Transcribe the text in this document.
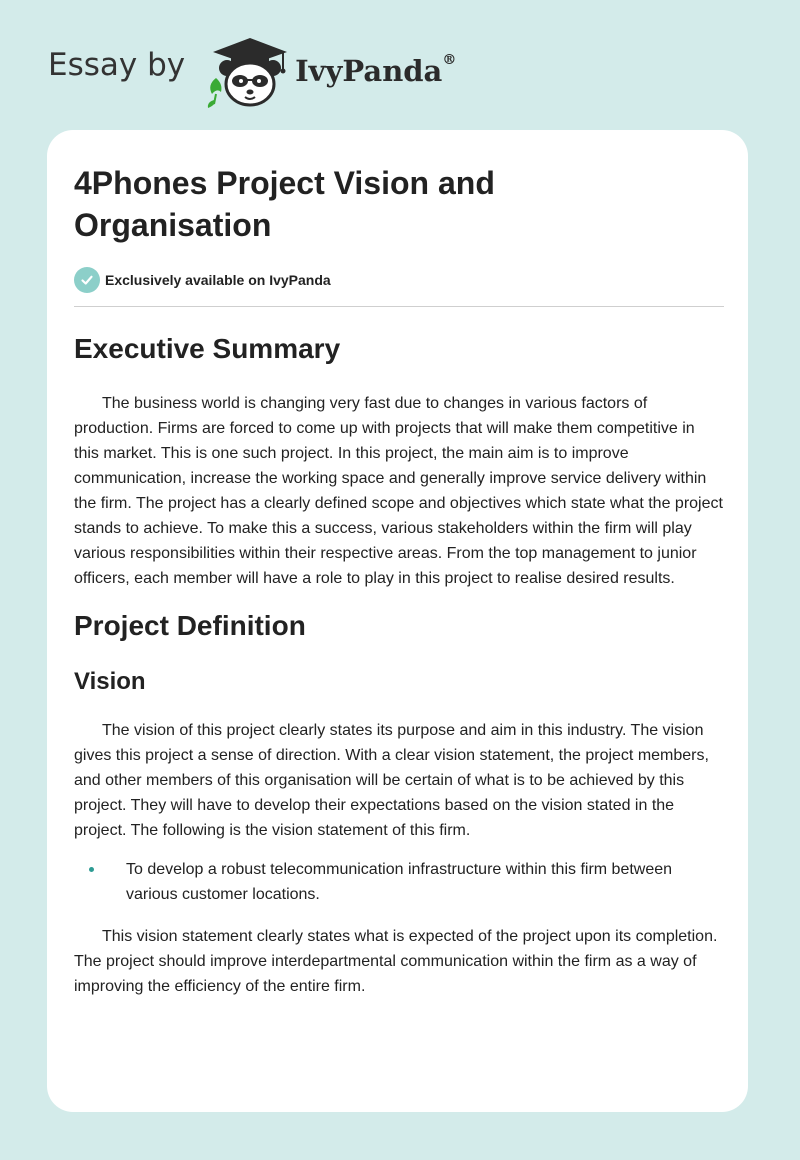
Essay by	IvyPanda®
4Phones Project Vision and Organisation
Exclusively available on IvyPanda
Executive Summary

The business world is changing very fast due to changes in various factors of production. Firms are forced to come up with projects that will make them competitive in this market. This is one such project. In this project, the main aim is to improve communication, increase the working space and generally improve service delivery within the firm. The project has a clearly defined scope and objectives which state what the project stands to achieve. To make this a success, various stakeholders within the firm will play various responsibilities within their respective areas. From the top management to junior officers, each member will have a role to play in this project to realise desired results.

Project Definition
Vision

The vision of this project clearly states its purpose and aim in this industry. The vision gives this project a sense of direction. With a clear vision statement, the project members, and other members of this organisation will be certain of what is to be achieved by this project. They will have to develop their expectations based on the vision stated in the project. The following is the vision statement of this firm.

To develop a robust telecommunication infrastructure within this firm between various customer locations.

This vision statement clearly states what is expected of the project upon its completion. The project should improve interdepartmental communication within the firm as a way of improving the efficiency of the entire firm.
